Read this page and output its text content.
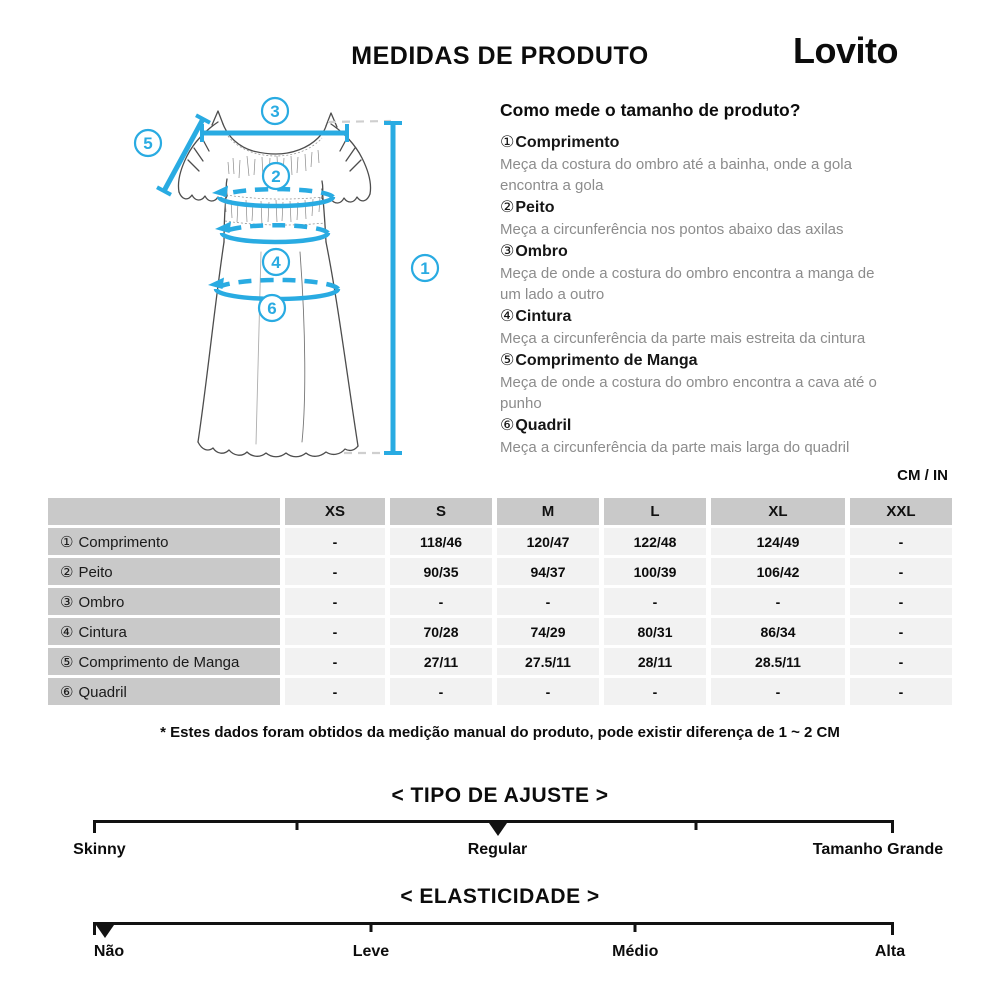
MEDIDAS DE PRODUTO	Lovito
1
2
3
4
5
6
Como mede o tamanho de produto?
①Comprimento

Meça da costura do ombro até a bainha, onde a gola encontra a gola

②Peito

Meça a circunferência nos pontos abaixo das axilas

③Ombro

Meça de onde a costura do ombro encontra a manga de um lado a outro

④Cintura

Meça a circunferência da parte mais estreita da cintura

⑤Comprimento de Manga

Meça de onde a costura do ombro encontra a cava até o punho

⑥Quadril

Meça a circunferência da parte mais larga do quadril

CM / IN
	XS	S	M	L	XL	XXL
① Comprimento	-	118/46	120/47	122/48	124/49	-
② Peito	-	90/35	94/37	100/39	106/42	-
③ Ombro	-	-	-	-	-	-
④ Cintura	-	70/28	74/29	80/31	86/34	-
⑤ Comprimento de Manga	-	27/11	27.5/11	28/11	28.5/11	-
⑥ Quadril	-	-	-	-	-	-

* Estes dados foram obtidos da medição manual do produto, pode existir diferença de 1 ~ 2 CM

< TIPO DE AJUSTE >
Skinny	Regular	Tamanho Grande
< ELASTICIDADE >
Não	Leve	Médio	Alta
